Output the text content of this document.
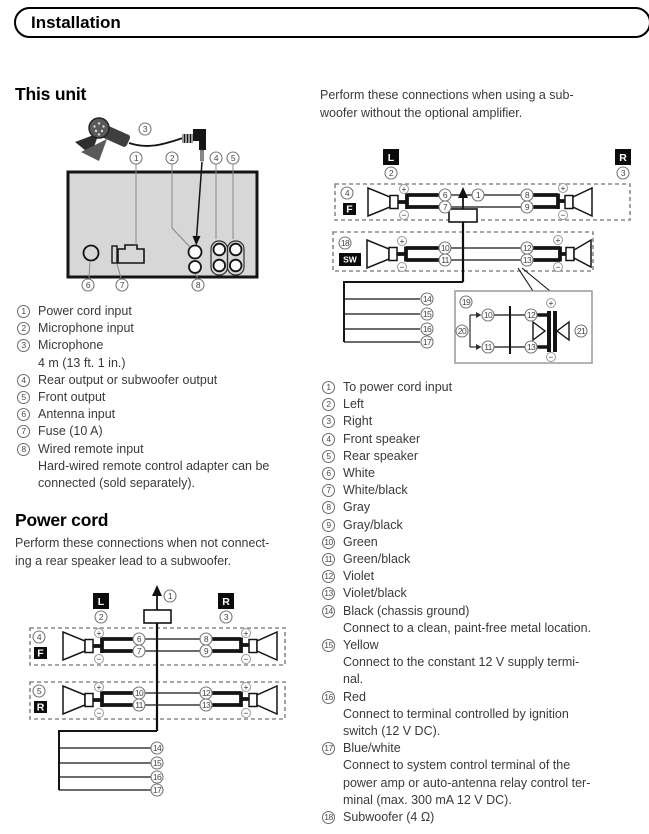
Installation
This unit
3
1	2	4 5
6	7	8
1 Power cord input
2 Microphone input
3 Microphone
4 m (13 ft. 1 in.)
4 Rear output or subwoofer output
5 Front output
6 Antenna input
7 Fuse (10 A)
8 Wired remote input
Hard-wired remote control adapter can be
connected (sold separately).
Power cord
Perform these connections when not connect-
ing a rear speaker lead to a subwoofer.
L	R
F
+
−
+
−
R
+
−
+
−
1
2	3
4	6
7
8
9
5	10
11
12
13
14
15
16
17
Perform these connections when using a sub-
woofer without the optional amplifier.
L	R
F
+
−
+
−
SW
+
−
+
−
+
−
1
2	3
4	6
7
8
9
18	10
11
12
13
14
15
16
17
19
20
10
11
12
13
21
1 To power cord input
2 Left
3 Right
4 Front speaker
5 Rear speaker
6 White
7 White/black
8 Gray
9 Gray/black
10 Green
11 Green/black
12 Violet
13 Violet/black
14 Black (chassis ground)
Connect to a clean, paint-free metal location.
15 Yellow
Connect to the constant 12 V supply termi-
nal.
16 Red
Connect to terminal controlled by ignition
switch (12 V DC).
17 Blue/white
Connect to system control terminal of the
power amp or auto-antenna relay control ter-
minal (max. 300 mA 12 V DC).
18 Subwoofer (4 Ω)
